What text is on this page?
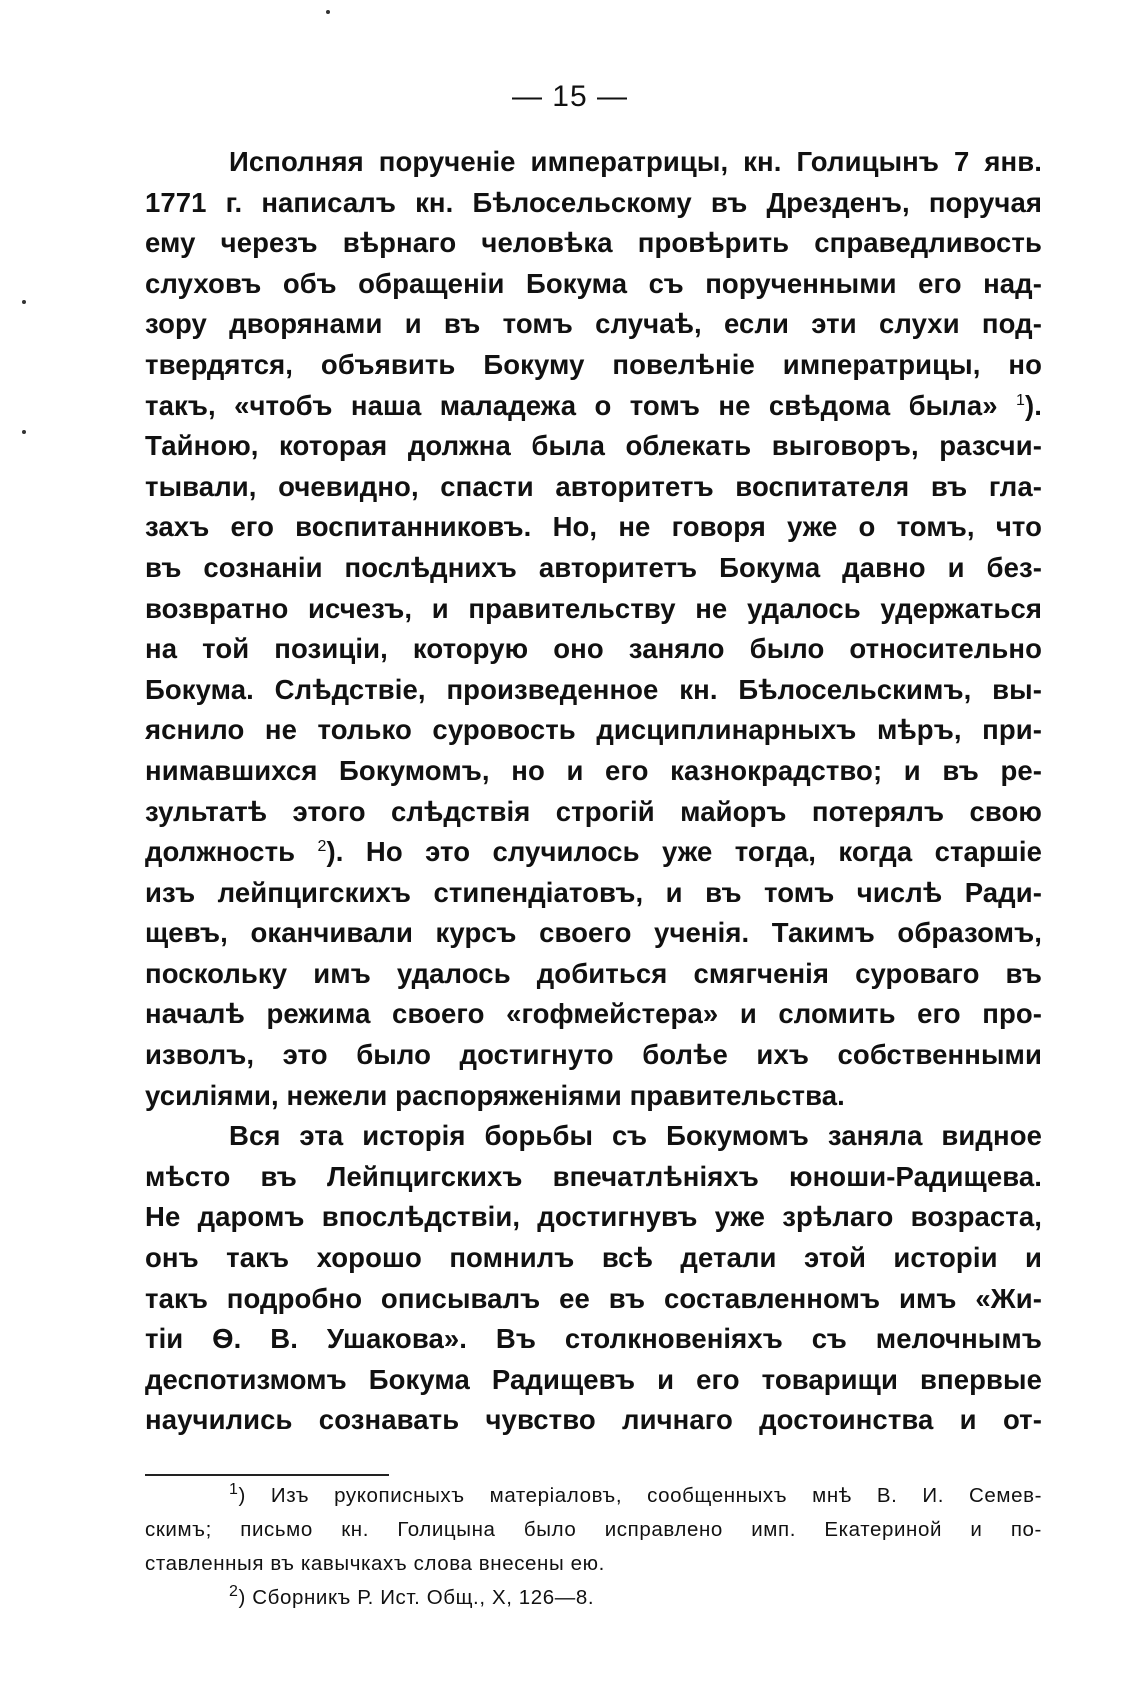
— 15 —
Исполняя порученіе императрицы, кн. Голицынъ 7 янв.
1771 г. написалъ кн. Бѣлосельскому въ Дрезденъ, поручая
ему черезъ вѣрнаго человѣка провѣрить справедливость
слуховъ объ обращеніи Бокума съ порученными его над-
зору дворянами и въ томъ случаѣ, если эти слухи под-
твердятся, объявить Бокуму повелѣніе императрицы, но
такъ, «чтобъ наша маладежа о томъ не свѣдома была» $^1$).
Тайною, которая должна была облекать выговоръ, разсчи-
тывали, очевидно, спасти авторитетъ воспитателя въ гла-
захъ его воспитанниковъ. Но, не говоря уже о томъ, что
въ сознаніи послѣднихъ авторитетъ Бокума давно и без-
возвратно исчезъ, и правительству не удалось удержаться
на той позиціи, которую оно заняло было относительно
Бокума. Слѣдствіе, произведенное кн. Бѣлосельскимъ, вы-
яснило не только суровость дисциплинарныхъ мѣръ, при-
нимавшихся Бокумомъ, но и его казнокрадство; и въ ре-
зультатѣ этого слѣдствія строгій майоръ потерялъ свою
должность $^2$). Но это случилось уже тогда, когда старшіе
изъ лейпцигскихъ стипендіатовъ, и въ томъ числѣ Ради-
щевъ, оканчивали курсъ своего ученія. Такимъ образомъ,
поскольку имъ удалось добиться смягченія суроваго въ
началѣ режима своего «гофмейстера» и сломить его про-
изволъ, это было достигнуто болѣе ихъ собственными
усиліями, нежели распоряженіями правительства.
Вся эта исторія борьбы съ Бокумомъ заняла видное
мѣсто въ Лейпцигскихъ впечатлѣніяхъ юноши-Радищева.
Не даромъ впослѣдствіи, достигнувъ уже зрѣлаго возраста,
онъ такъ хорошо помнилъ всѣ детали этой исторіи и
такъ подробно описывалъ ее въ составленномъ имъ «Жи-
тіи Ѳ. В. Ушакова». Въ столкновеніяхъ съ мелочнымъ
деспотизмомъ Бокума Радищевъ и его товарищи впервые
научились сознавать чувство личнаго достоинства и от-
$^1$) Изъ рукописныхъ матеріаловъ, сообщенныхъ мнѣ В. И. Семев-
скимъ; письмо кн. Голицына было исправлено имп. Екатериной и по-
ставленныя въ кавычкахъ слова внесены ею.
$^2$) Сборникъ Р. Ист. Общ., X, 126—8.
